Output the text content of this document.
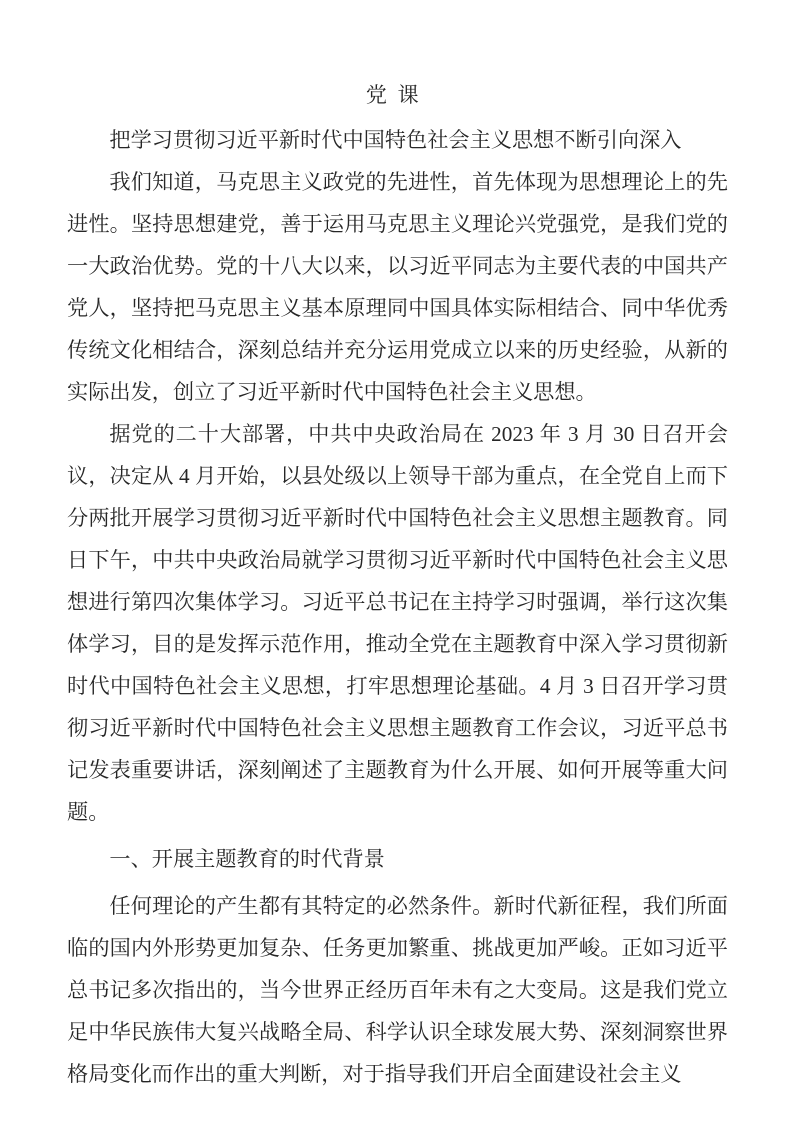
党课

把学习贯彻习近平新时代中国特色社会主义思想不断引向深入

我们知道，马克思主义政党的先进性，首先体现为思想理论上的先进性。坚持思想建党，善于运用马克思主义理论兴党强党，是我们党的一大政治优势。党的十八大以来，以习近平同志为主要代表的中国共产党人，坚持把马克思主义基本原理同中国具体实际相结合、同中华优秀传统文化相结合，深刻总结并充分运用党成立以来的历史经验，从新的实际出发，创立了习近平新时代中国特色社会主义思想。

据党的二十大部署，中共中央政治局在 2023 年 3 月 30 日召开会议，决定从 4 月开始，以县处级以上领导干部为重点，在全党自上而下分两批开展学习贯彻习近平新时代中国特色社会主义思想主题教育。同日下午，中共中央政治局就学习贯彻习近平新时代中国特色社会主义思想进行第四次集体学习。习近平总书记在主持学习时强调，举行这次集体学习，目的是发挥示范作用，推动全党在主题教育中深入学习贯彻新时代中国特色社会主义思想，打牢思想理论基础。4 月 3 日召开学习贯彻习近平新时代中国特色社会主义思想主题教育工作会议，习近平总书记发表重要讲话，深刻阐述了主题教育为什么开展、如何开展等重大问题。

一、开展主题教育的时代背景

任何理论的产生都有其特定的必然条件。新时代新征程，我们所面临的国内外形势更加复杂、任务更加繁重、挑战更加严峻。正如习近平总书记多次指出的，当今世界正经历百年未有之大变局。这是我们党立足中华民族伟大复兴战略全局、科学认识全球发展大势、深刻洞察世界格局变化而作出的重大判断，对于指导我们开启全面建设社会主义
